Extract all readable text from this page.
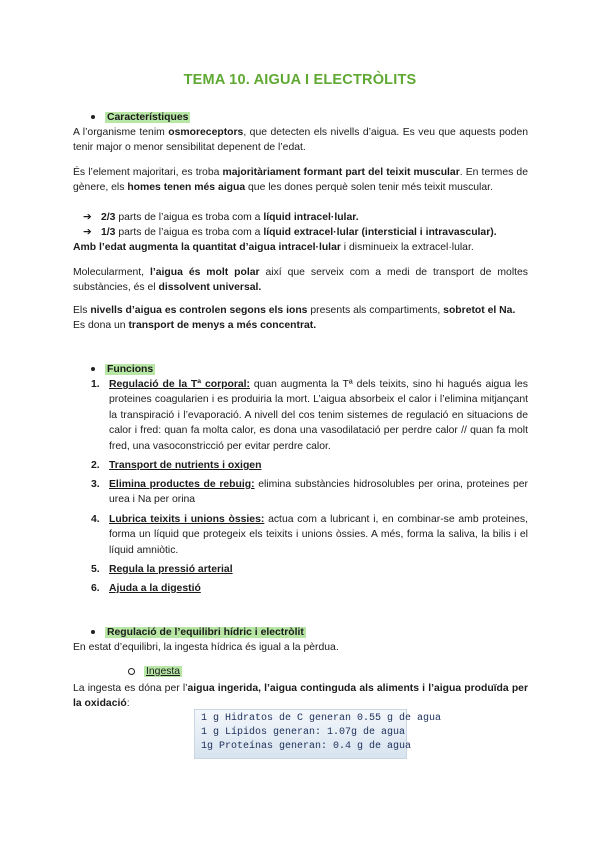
TEMA 10. AIGUA I ELECTRÒLITS
Característiques
A l’organisme tenim osmoreceptors, que detecten els nivells d’aigua. Es veu que aquests poden tenir major o menor sensibilitat depenent de l’edat.
És l’element majoritari, es troba majoritàriament formant part del teixit muscular. En termes de gènere, els homes tenen més aigua que les dones perquè solen tenir més teixit muscular.
➔ 2/3 parts de l’aigua es troba com a líquid intracel·lular.
➔ 1/3 parts de l’aigua es troba com a líquid extracel·lular (intersticial i intravascular).
Amb l’edat augmenta la quantitat d’aigua intracel·lular i disminueix la extracel·lular.
Molecularment, l’aigua és molt polar així que serveix com a medi de transport de moltes substàncies, és el dissolvent universal.
Els nivells d’aigua es controlen segons els ions presents als compartiments, sobretot el Na.
Es dona un transport de menys a més concentrat.
Funcions
1. Regulació de la Tª corporal: quan augmenta la Tª dels teixits, sino hi hagués aigua les proteines coagularien i es produiria la mort. L’aigua absorbeix el calor i l’elimina mitjançant la transpiració i l’evaporació. A nivell del cos tenim sistemes de regulació en situacions de calor i fred: quan fa molta calor, es dona una vasodilatació per perdre calor // quan fa molt fred, una vasoconstricció per evitar perdre calor.
2. Transport de nutrients i oxigen
3. Elimina productes de rebuig: elimina substàncies hidrosolubles per orina, proteines per urea i Na per orina
4. Lubrica teixits i unions òssies: actua com a lubricant i, en combinar-se amb proteines, forma un líquid que protegeix els teixits i unions òssies. A més, forma la saliva, la bilis i el líquid amniòtic.
5. Regula la pressió arterial
6. Ajuda a la digestió
Regulació de l’equilibri hídric i electròlit
En estat d’equilibri, la ingesta hídrica és igual a la pèrdua.
Ingesta
La ingesta es dóna per l’aigua ingerida, l’aigua continguda als aliments i l’aigua produïda per la oxidació:
1 g Hidratos de C generan 0.55 g de agua
1 g Lípidos generan: 1.07g de agua
1g Proteínas generan: 0.4 g de agua
